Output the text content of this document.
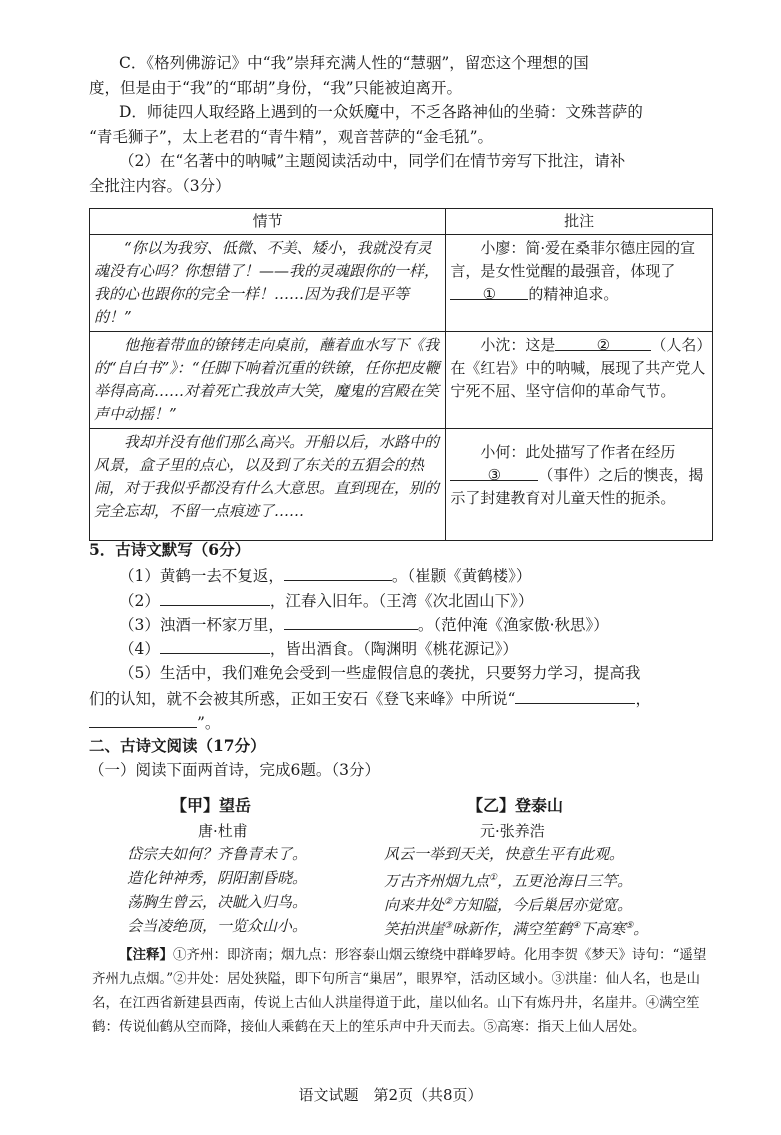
C．《格列佛游记》中“我”崇拜充满人性的“慧骃”，留恋这个理想的国
度，但是由于“我”的“耶胡”身份，“我”只能被迫离开。
D．师徒四人取经路上遇到的一众妖魔中，不乏各路神仙的坐骑：文殊菩萨的
“青毛狮子”，太上老君的“青牛精”，观音菩萨的“金毛犼”。
（2）在“名著中的呐喊”主题阅读活动中，同学们在情节旁写下批注，请补
全批注内容。（3分）
情节	批注
“你以为我穷、低微、不美、矮小，我就没有灵魂没有心吗？你想错了！——我的灵魂跟你的一样，我的心也跟你的完全一样！……因为我们是平等的！”	小廖：简·爱在桑菲尔德庄园的宣言，是女性觉醒的最强音，体现了① 的精神追求。
他拖着带血的镣铐走向桌前，蘸着血水写下《我的“自白书”》：“任脚下响着沉重的铁镣，任你把皮鞭举得高高……对着死亡我放声大笑，魔鬼的宫殿在笑声中动摇！”	小沈：这是 ② （人名）在《红岩》中的呐喊，展现了共产党人宁死不屈、坚守信仰的革命气节。
我却并没有他们那么高兴。开船以后，水路中的风景，盒子里的点心，以及到了东关的五猖会的热闹，对于我似乎都没有什么大意思。直到现在，别的完全忘却，不留一点痕迹了……	小何：此处描写了作者在经历③ （事件）之后的懊丧，揭示了封建教育对儿童天性的扼杀。
5．古诗文默写（6分）
（1）黄鹤一去不复返，	。（崔颢《黄鹤楼》）
（2）	，江春入旧年。（王湾《次北固山下》）
（3）浊酒一杯家万里，	。（范仲淹《渔家傲·秋思》）
（4）	，皆出酒食。（陶渊明《桃花源记》）
（5）生活中，我们难免会受到一些虚假信息的袭扰，只要努力学习，提高我
们的认知，就不会被其所惑，正如王安石《登飞来峰》中所说“	，
”。
二、古诗文阅读（17分）
（一）阅读下面两首诗，完成6题。（3分）
【甲】望岳
唐·杜甫
岱宗夫如何？齐鲁青未了。
造化钟神秀，阴阳割昏晓。
荡胸生曾云，决眦入归鸟。
会当凌绝顶，一览众山小。
【乙】登泰山
元·张养浩
风云一举到天关，快意生平有此观。
万古齐州烟九点①，五更沧海日三竿。
向来井处②方知隘，今后巢居亦觉宽。
笑拍洪崖③咏新作，满空笙鹤④下高寒⑤。
【注释】①齐州：即济南；烟九点：形容泰山烟云缭绕中群峰罗峙。化用李贺《梦天》诗句：“遥望齐州九点烟。”②井处：居处狭隘，即下句所言“巢居”，眼界窄，活动区域小。③洪崖：仙人名，也是山名，在江西省新建县西南，传说上古仙人洪崖得道于此，崖以仙名。山下有炼丹井，名崖井。④满空笙鹤：传说仙鹤从空而降，接仙人乘鹤在天上的笙乐声中升天而去。⑤高寒：指天上仙人居处。
语文试题　第2页（共8页）
